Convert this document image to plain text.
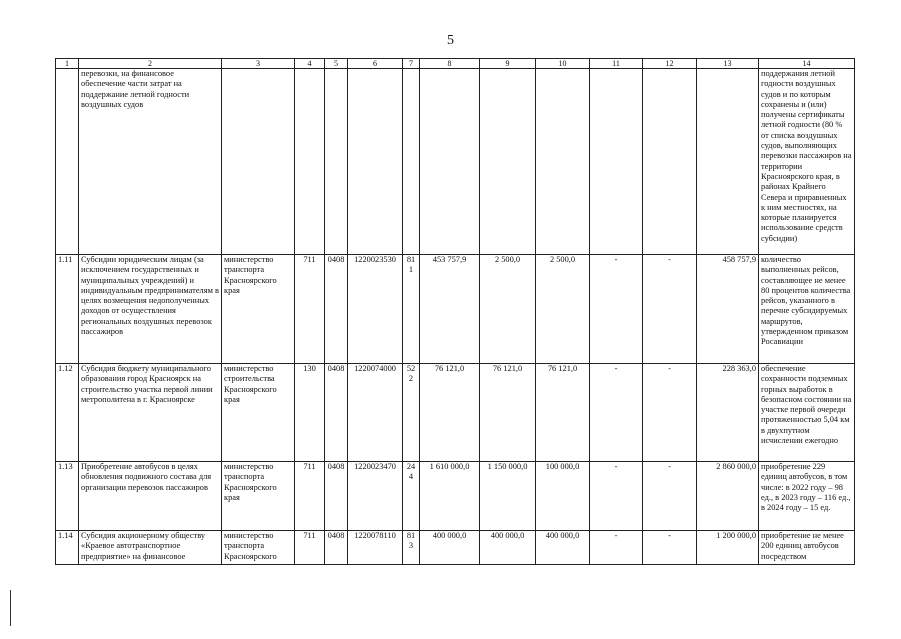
5
1	2	3	4	5	6	7	8	9	10	11	12	13	14
	перевозки, на финансовое обеспечение части затрат на поддержание летной годности воздушных судов												поддержания летной годности воздушных судов и по которым сохранены и (или) получены сертификаты летной годности (80 % от списка воздушных судов, выполняющих перевозки пассажиров на территории Красноярского края, в районах Крайнего Севера и приравненных к ним местностях, на которые планируется использование средств субсидии)
1.11	Субсидии юридическим лицам (за исключением государственных и муниципальных учреждений) и индивидуальным предпринимателям в целях возмещения недополученных доходов от осуществления региональных воздушных перевозок пассажиров	министерство транспорта Красноярского края	711	0408	1220023530	811	453 757,9	2 500,0	2 500,0	-	-	458 757,9	количество выполненных рейсов, составляющее не менее 80 процентов количества рейсов, указанного в перечне субсидируемых маршрутов, утвержденном приказом Росавиации
1.12	Субсидия бюджету муниципального образования город Красноярск на строительство участка первой линии метрополитена в г. Красноярске	министерство строительства Красноярского края	130	0408	1220074000	522	76 121,0	76 121,0	76 121,0	-	-	228 363,0	обеспечение сохранности подземных горных выработок в безопасном состоянии на участке первой очереди протяженностью 5,04 км в двухпутном исчислении ежегодно
1.13	Приобретение автобусов в целях обновления подвижного состава для организации перевозок пассажиров	министерство транспорта Красноярского края	711	0408	1220023470	244	1 610 000,0	1 150 000,0	100 000,0	-	-	2 860 000,0	приобретение 229 единиц автобусов, в том числе: в 2022 году – 98 ед., в 2023 году – 116 ед., в 2024 году – 15 ед.
1.14	Субсидия акционерному обществу «Краевое автотранспортное предприятие» на финансовое	министерство транспорта Красноярского	711	0408	1220078110	813	400 000,0	400 000,0	400 000,0	-	-	1 200 000,0	приобретение не менее 200 единиц автобусов посредством
